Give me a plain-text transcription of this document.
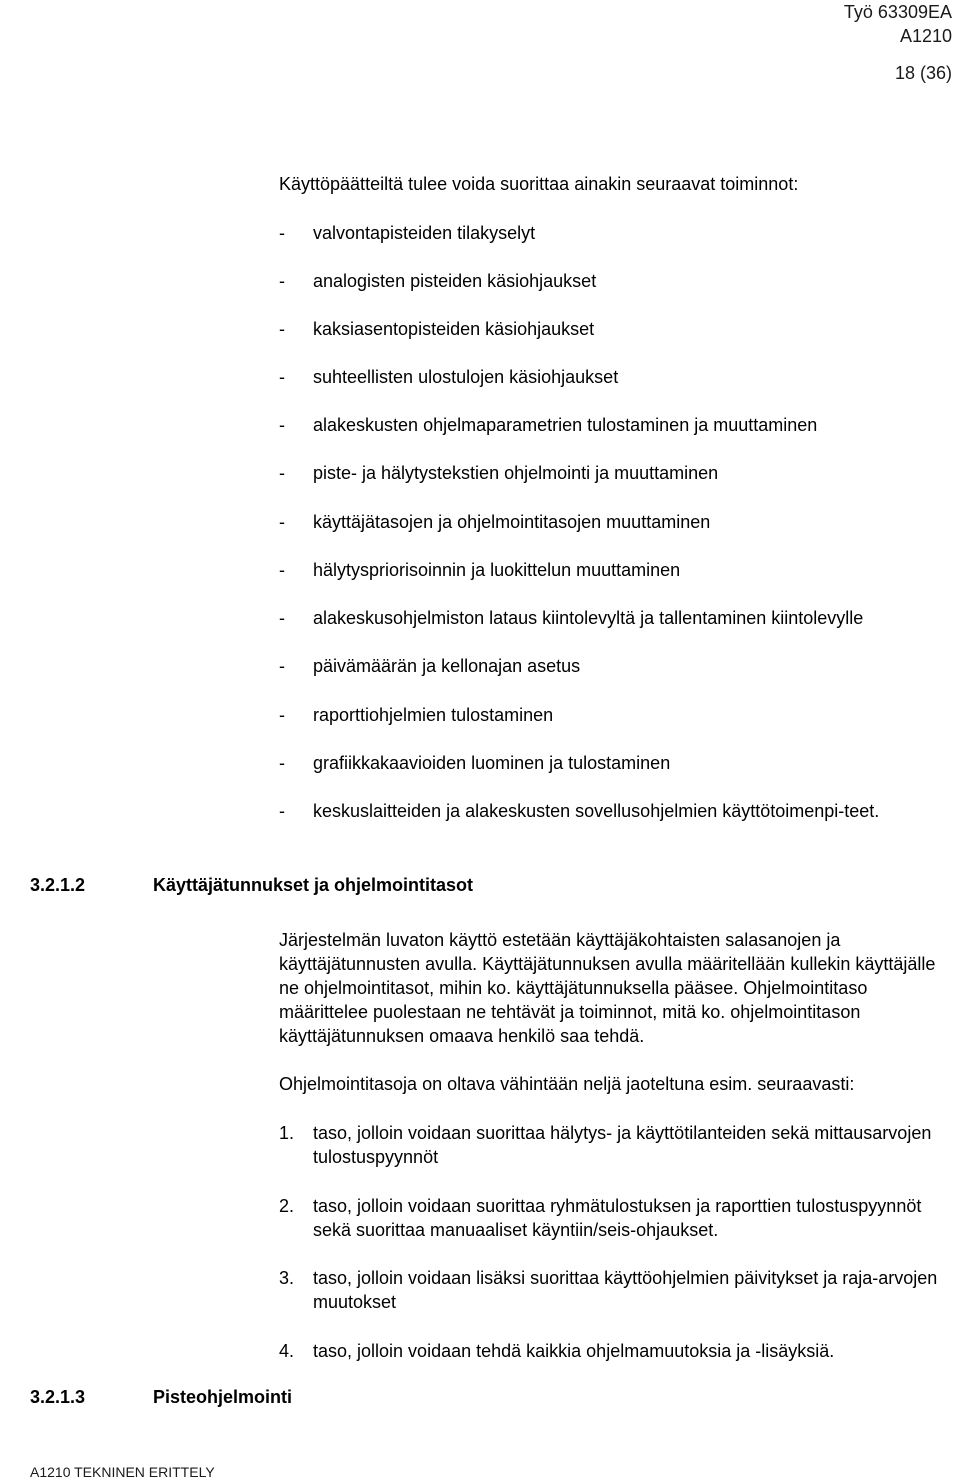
Työ 63309EA
A1210
18 (36)
Käyttöpäätteiltä tulee voida suorittaa ainakin seuraavat toiminnot:
- valvontapisteiden tilakyselyt
- analogisten pisteiden käsiohjaukset
- kaksiasentopisteiden käsiohjaukset
- suhteellisten ulostulojen käsiohjaukset
- alakeskusten ohjelmaparametrien tulostaminen ja muuttaminen
- piste- ja hälytystekstien ohjelmointi ja muuttaminen
- käyttäjätasojen ja ohjelmointitasojen muuttaminen
- hälytyspriorisoinnin ja luokittelun muuttaminen
- alakeskusohjelmiston lataus kiintolevyltä ja tallentaminen kiintolevylle
- päivämäärän ja kellonajan asetus
- raporttiohjelmien tulostaminen
- grafiikkakaavioiden luominen ja tulostaminen
- keskuslaitteiden ja alakeskusten sovellusohjelmien käyttötoimenpi-teet.
3.2.1.2	Käyttäjätunnukset ja ohjelmointitasot
Järjestelmän luvaton käyttö estetään käyttäjäkohtaisten salasanojen ja käyttäjätunnusten avulla. Käyttäjätunnuksen avulla määritellään kullekin käyttäjälle ne ohjelmointitasot, mihin ko. käyttäjätunnuksella pääsee. Ohjelmointitaso määrittelee puolestaan ne tehtävät ja toiminnot, mitä ko. ohjelmointitason käyttäjätunnuksen omaava henkilö saa tehdä.
Ohjelmointitasoja on oltava vähintään neljä jaoteltuna esim. seuraavasti:
1. taso, jolloin voidaan suorittaa hälytys- ja käyttötilanteiden sekä mittausarvojen tulostuspyynnöt
2. taso, jolloin voidaan suorittaa ryhmätulostuksen ja raporttien tulostuspyynnöt sekä suorittaa manuaaliset käyntiin/seis-ohjaukset.
3. taso, jolloin voidaan lisäksi suorittaa käyttöohjelmien päivitykset ja raja-arvojen muutokset
4. taso, jolloin voidaan tehdä kaikkia ohjelmamuutoksia ja -lisäyksiä.
3.2.1.3	Pisteohjelmointi
A1210 TEKNINEN ERITTELY
